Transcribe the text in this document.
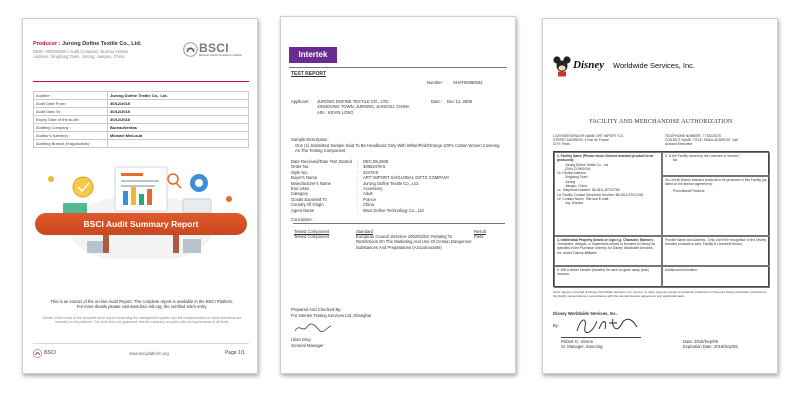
Producer : Jurong Dofine Textile Co., Ltd.
DBID: 000000000 / Audit Company: Bureau Veritas
Address: Xingdong Town, Jurong, Jiangsu, China
BSCI
Business Social Compliance Initiative
Auditee :	Jurong Dofine Textile Co., Ltd.
Audit Date From :	30/12/2015
Audit Date To :	30/12/2015
Expiry Date of the Audit :	30/12/2016
Auditing Company :	BureauVeritas
Auditor's Name(s) :	Michael MeiLoud
Auditing Branch (if applicable) :	
BSCI Audit Summary Report
This is an extract of the on-line Audit Report. The complete report is available in the BSCI Platform.
For more details please visit www.bsci-intl.org, the certified site's entry.
Details of the scope of the complete audit report concerning the management system and the implementation of social standards are recorded on the platform. The audit does not guarantee that the company complies with all requirements at all times.
BSCI	www.bsciplatform.org	Page 1/1
Intertek
TEST REPORT
Number : SHAT00860932
Applicant : JURONG DOFINE TEXTILE CO., LTD.
XINGDONG TOWN, JURONG, JIANGSU, CHINA
Attn : KEVIN LONG
Date : Dec 12, 2008
Sample Description :
One (1) Submitted Sample Said To Be Headband Only With White/Pink/Orange 100% Cotton Woven Covering As The Testing Component.
Date Received/Date Test Started	:	DEC.08,2008
Order No.	:	30652478-5
Style No.	:	32476-5
Buyer's Name	:	ART' IMPORT SA/GLOBAL GIFTS COMPANY
Manufacturer's Name	:	Jurong Dofine Textile Co., Ltd.
End Uses	:	Accessory
Category	:	Adult
Goods Exported To	:	France
Country Of Origin	:	China
Agent Name	:	Wuxi Dofine Technology Co., Ltd
Conclusion :
Tested Component	Standard	Result
Tested Component	European Council Directive 2002/61/EC Relating To Restrictions On The Marketing And Use Of Certain Dangerous Substances And Preparations (Azocolourants)	Pass
Prepared And Checked By:
For Intertek Testing Services Ltd.,Shanghai
Lilian Ding
General Manager
Disney Worldwide Services, Inc.
FACILITY AND MERCHANDISE AUTHORIZATION
LICENSEE/VENDOR NAME: ART IMPORT S.A.
STREET ADDRESS: 4 Rue de France
CITY: Paris
TELEPHONE NUMBER: 7 733220270
CONTACT NAME, TITLE, EMAIL ADDRESS: Joel
Account Executive
1. Facility Name (Please show Chinese branded product to be produced):
Jurong Dofine Textile Co., Ltd
(ZHU-CONSIGN)
1b. Facility Address:
Xingdong Town
Jurong
Jiangsu, China
1c. Telephone Number: 86-0511-87012765
1d. Facility Contact Telephone Number: 86-0511-87012765
1e. Contact Name, Title and E-mail:
Joy, Director
2. Is the Facility owned by the Licensee or Vendor?
No
3a. List all Disney branded products to be produced in this Facility (as listed on the licence agreement):
Promotional Products
4. Intellectual Property (brand or logo e.g. Character, Banner):
Characters, designs, or trademarks owned or licensed to Disney as specified in the Purchase Order(s) for Disney Worldwide Services, Inc. and/or Disney affiliates.
Provide Name and Address - Only List if the recognition of the Disney branded products is sold. Facility is Licensee/Vendor.
5. Will a dealer transfer (transfer) be used on given away (bulk) invoices:
Additional Information:
Once signed on behalf of Disney Worldwide Services, Inc. and for no other purpose except to authorize production of licensed Disney Character products by the facility named above in accordance with the relevant license agreement and applicable laws.
Disney Worldwide Services, Inc.
By:
Robert G. Vinson
Sr. Manager, Sourcing
Date: 2016/Sep/06
Expiration Date: 2018/Sep/05
